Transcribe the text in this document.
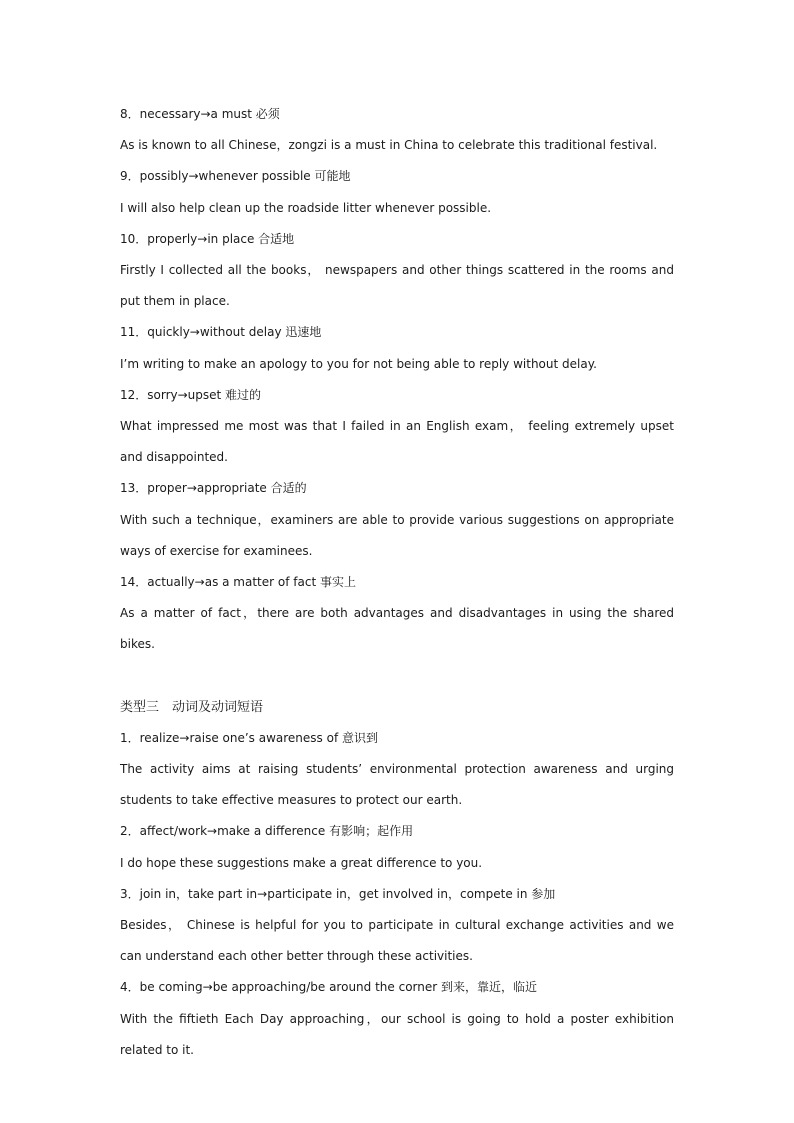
8．necessary→a must 必须

As is known to all Chinese，zongzi is a must in China to celebrate this traditional festival.

9．possibly→whenever possible 可能地

I will also help clean up the roadside litter whenever possible.

10．properly→in place 合适地

Firstly I collected all the books， newspapers and other things scattered in the rooms and put them in place.

11．quickly→without delay 迅速地

I’m writing to make an apology to you for not being able to reply without delay.

12．sorry→upset 难过的

What impressed me most was that I failed in an English exam， feeling extremely upset and disappointed.

13．proper→appropriate 合适的

With such a technique，examiners are able to provide various suggestions on appropriate ways of exercise for examinees.

14．actually→as a matter of fact 事实上

As a matter of fact，there are both advantages and disadvantages in using the shared bikes.

类型三　动词及动词短语

1．realize→raise one’s awareness of 意识到

The activity aims at raising students’ environmental protection awareness and urging students to take effective measures to protect our earth.

2．affect/work→make a difference 有影响；起作用

I do hope these suggestions make a great difference to you.

3．join in，take part in→participate in，get involved in，compete in 参加

Besides， Chinese is helpful for you to participate in cultural exchange activities and we can understand each other better through these activities.

4．be coming→be approaching/be around the corner 到来，靠近，临近

With the fiftieth Each Day approaching，our school is going to hold a poster exhibition related to it.
